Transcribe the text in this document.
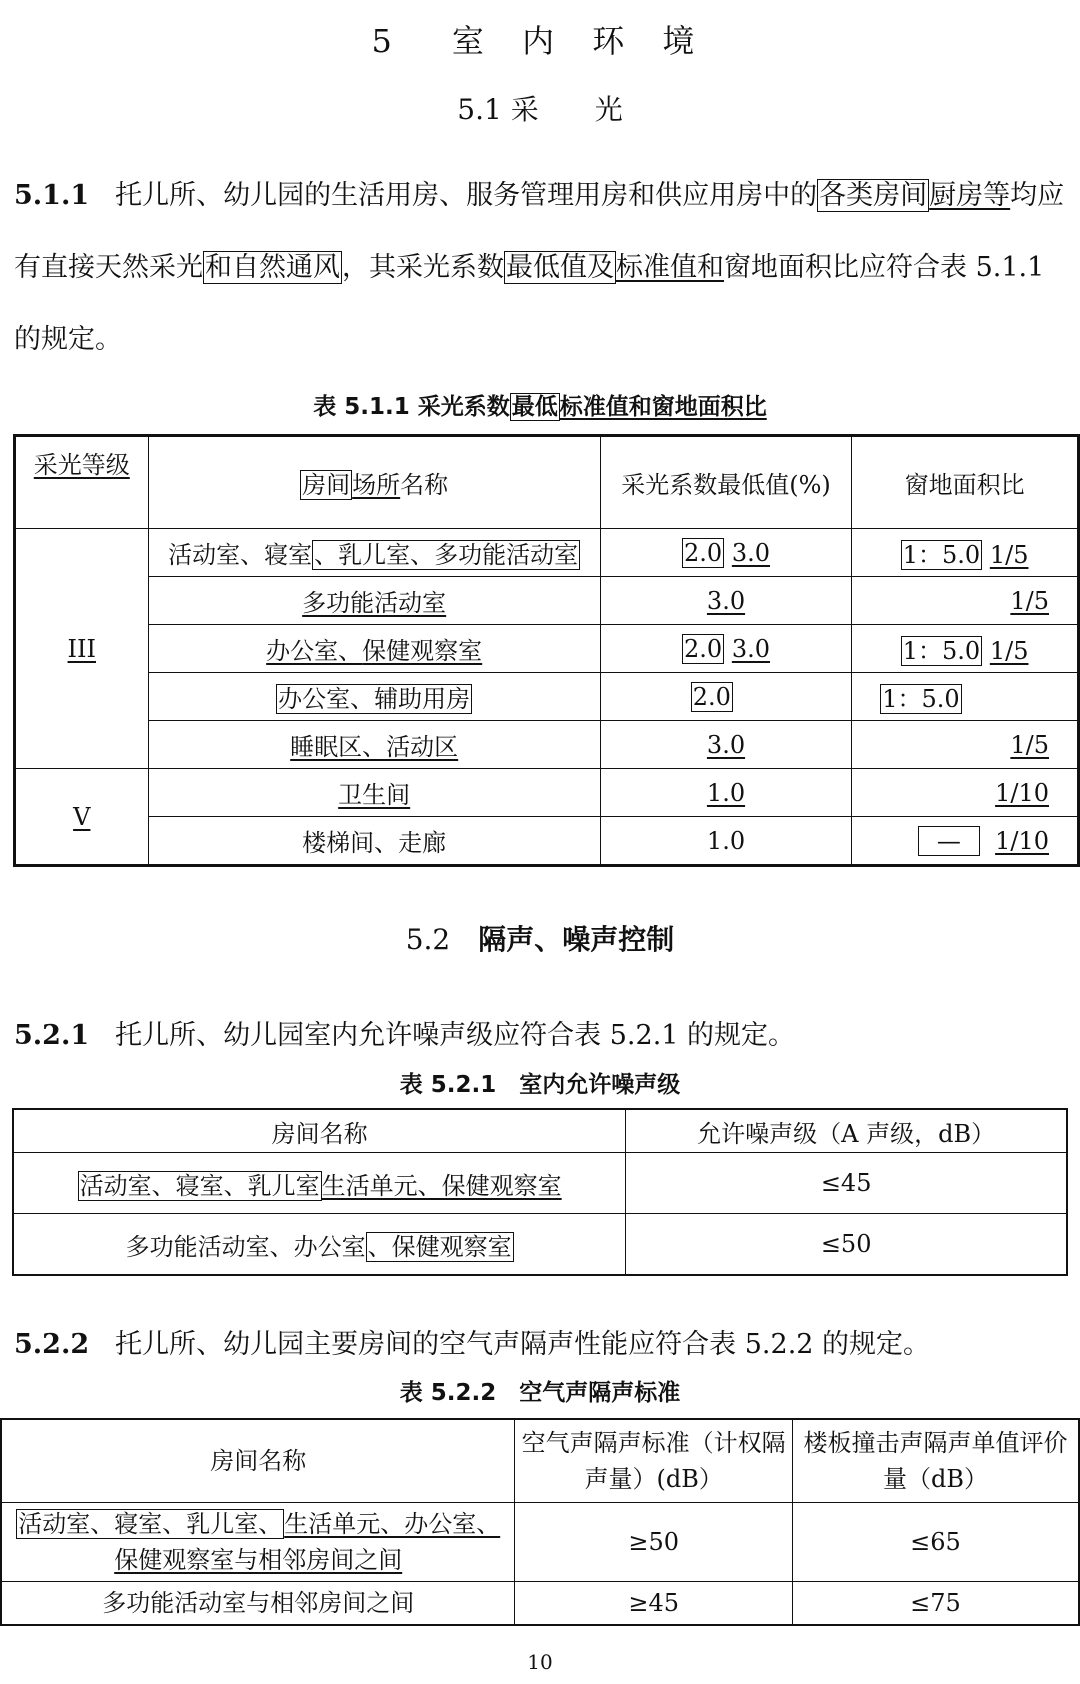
5　室 内 环 境
5.1 采　　光
5.1.1 托儿所、幼儿园的生活用房、服务管理用房和供应用房中的各类房间厨房等均应有直接天然采光和自然通风，其采光系数最低值及标准值和窗地面积比应符合表 5.1.1 的规定。
表 5.1.1 采光系数最低标准值和窗地面积比
采光等级	房间场所名称	采光系数最低值(%)	窗地面积比
III	活动室、寝室、乳儿室、多功能活动室	2.0 3.0	1：5.0 1/5
	多功能活动室	3.0	1/5
	办公室、保健观察室	2.0 3.0	1：5.0 1/5
	办公室、辅助用房	2.0	1：5.0
	睡眠区、活动区	3.0	1/5
V	卫生间	1.0	1/10
	楼梯间、走廊	1.0	— 1/10
5.2　隔声、噪声控制
5.2.1 托儿所、幼儿园室内允许噪声级应符合表 5.2.1 的规定。
表 5.2.1　室内允许噪声级
房间名称	允许噪声级（A 声级，dB）
活动室、寝室、乳儿室生活单元、保健观察室	≤45
多功能活动室、办公室、保健观察室	≤50
5.2.2 托儿所、幼儿园主要房间的空气声隔声性能应符合表 5.2.2 的规定。
表 5.2.2　空气声隔声标准
房间名称	空气声隔声标准（计权隔声量）(dB）	楼板撞击声隔声单值评价量（dB）
活动室、寝室、乳儿室、生活单元、办公室、
保健观察室与相邻房间之间	≥50	≤65
多功能活动室与相邻房间之间	≥45	≤75
10
